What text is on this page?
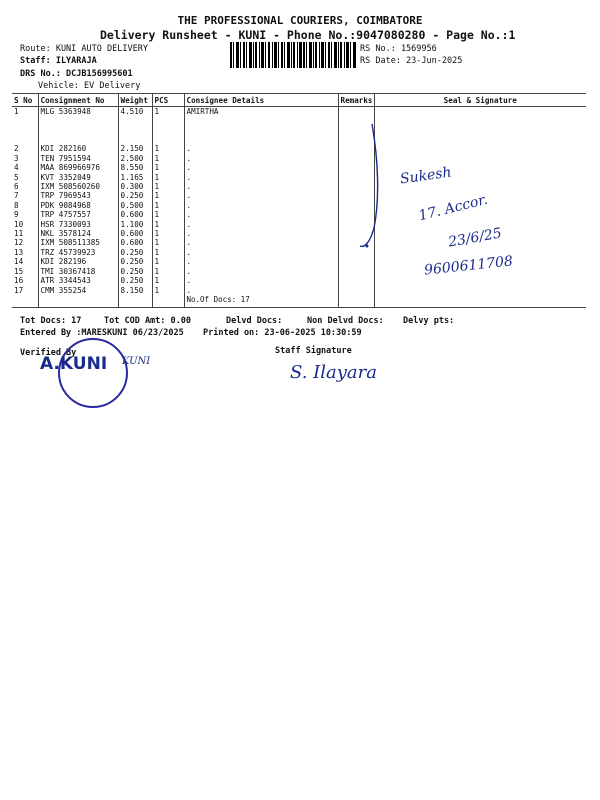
THE PROFESSIONAL COURIERS, COIMBATORE
Delivery Runsheet - KUNI - Phone No.:9047080280 - Page No.:1
Route: KUNI AUTO DELIVERY
Staff: ILYARAJA
DRS No.: DCJB156995601
Vehicle: EV Delivery
RS No.: 1569956
RS Date: 23-Jun-2025
S No	Consignment No	Weight	PCS	Consignee Details	Remarks	Seal & Signature
1	MLG 5363948	4.510	1	AMIRTHA		

2	KDI 282160	2.150	1	.		
3	TEN 7951594	2.500	1	.		
4	MAA 869966976	8.550	1	.		
5	KVT 3352049	1.165	1	.		
6	IXM 508560260	0.300	1	.		
7	TRP 7969543	0.250	1	.		
8	PDK 9084968	0.500	1	.		
9	TRP 4757557	0.600	1	.		
10	HSR 7330093	1.100	1	.		
11	NKL 3578124	0.600	1	.		
12	IXM 508511385	0.600	1	.		
13	TRZ 45739923	0.250	1	.		
14	KDI 282196	0.250	1	.		
15	TMI 30367418	0.250	1	.		
16	ATR 3344543	0.250	1	.		
17	CMM 355254	8.150	1	.		
				No.Of Docs: 17		
Tot Docs: 17	Tot COD Amt: 0.00	Delvd Docs:	Non Delvd Docs: Delvy pts:
Entered By :MARESKUNI 06/23/2025 Printed on: 23-06-2025 10:30:59
Verified By	Staff Signature
Sukesh
17. Accor.
23/6/25
9600611708
S. Ilayara
A.KUNI KUNI
